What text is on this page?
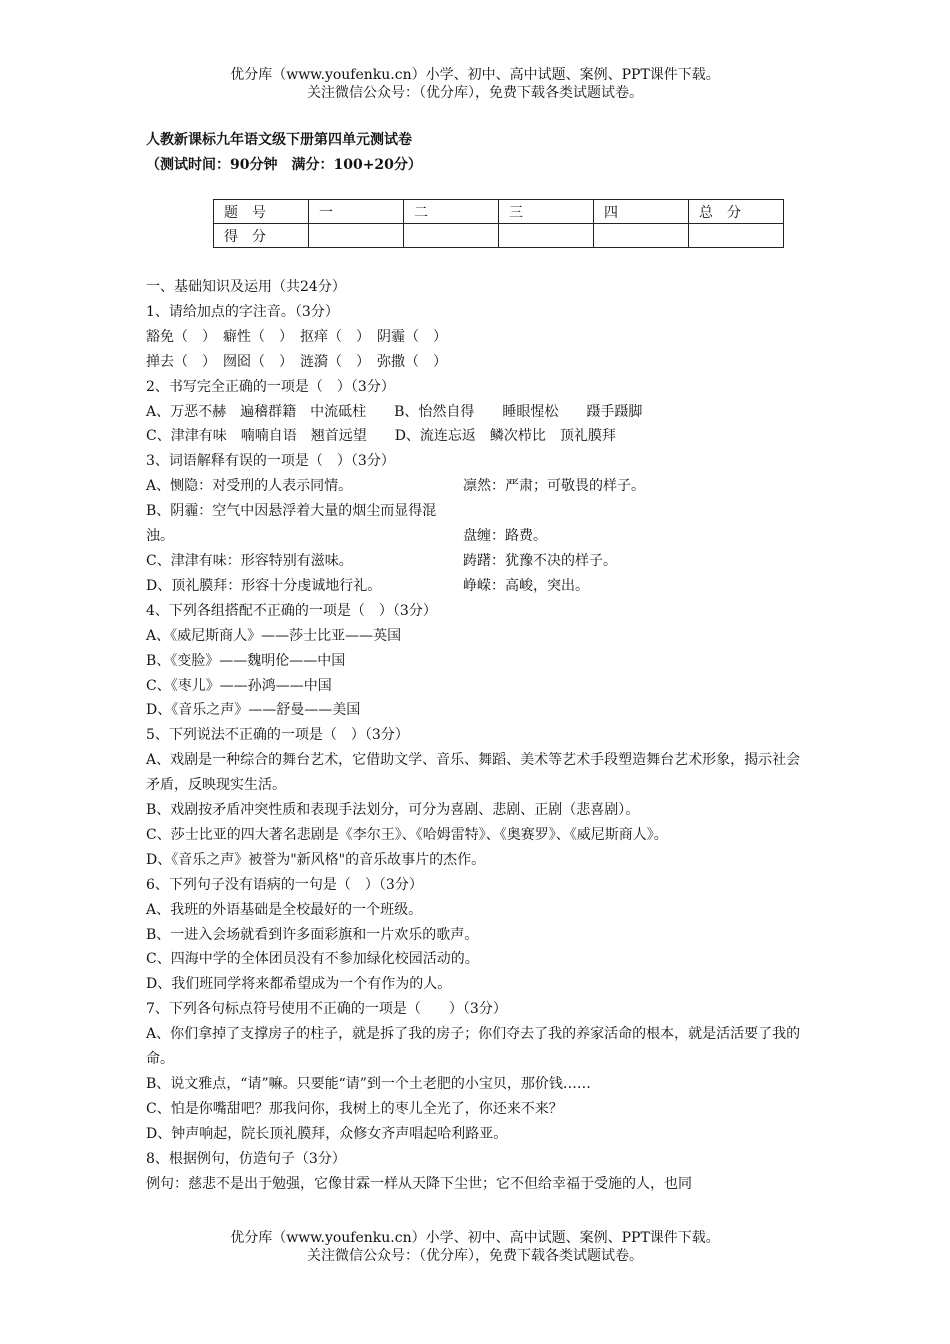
优分库（www.youfenku.cn）小学、初中、高中试题、案例、PPT课件下载。
关注微信公众号：（优分库），免费下载各类试题试卷。
人教新课标九年语文级下册第四单元测试卷
（测试时间：90分钟　满分：100+20分）
题　号	一	二	三	四	总　分
得　分					

一、基础知识及运用（共24分）

1、请给加点的字注音。（3分）

豁免（　）　癖性（　）　抠痒（　）　阴霾（　）

掸去（　）　囫囵（　）　涟漪（　）　弥撒（　）

2、书写完全正确的一项是（　）（3分）

A、万恶不赫　遍稽群籍　中流砥柱　　B、怡然自得　　睡眼惺松　　蹑手蹑脚

C、津津有味　喃喃自语　翘首远望　　D、流连忘返　鳞次栉比　顶礼膜拜

3、词语解释有误的一项是（　）（3分）

A、恻隐：对受刑的人表示同情。	凛然：严肃；可敬畏的样子。

B、阴霾：空气中因悬浮着大量的烟尘而显得混浊。	盘缠：路费。

C、津津有味：形容特别有滋味。	踌躇：犹豫不决的样子。

D、顶礼膜拜：形容十分虔诚地行礼。	峥嵘：高峻，突出。

4、下列各组搭配不正确的一项是（　）（3分）

A、《威尼斯商人》——莎士比亚——英国

B、《变脸》——魏明伦——中国

C、《枣儿》——孙鸿——中国

D、《音乐之声》——舒曼——美国

5、下列说法不正确的一项是（　）（3分）

A、戏剧是一种综合的舞台艺术，它借助文学、音乐、舞蹈、美术等艺术手段塑造舞台艺术形象，揭示社会矛盾，反映现实生活。

B、戏剧按矛盾冲突性质和表现手法划分，可分为喜剧、悲剧、正剧（悲喜剧）。

C、莎士比亚的四大著名悲剧是《李尔王》、《哈姆雷特》、《奥赛罗》、《威尼斯商人》。

D、《音乐之声》被誉为"新风格"的音乐故事片的杰作。

6、下列句子没有语病的一句是（　）（3分）

A、我班的外语基础是全校最好的一个班级。

B、一进入会场就看到许多面彩旗和一片欢乐的歌声。

C、四海中学的全体团员没有不参加绿化校园活动的。

D、我们班同学将来都希望成为一个有作为的人。

7、下列各句标点符号使用不正确的一项是（　　）（3分）

A、你们拿掉了支撑房子的柱子，就是拆了我的房子；你们夺去了我的养家活命的根本，就是活活要了我的命。

B、说文雅点，“请”嘛。只要能“请”到一个土老肥的小宝贝，那价钱……

C、怕是你嘴甜吧？那我问你，我树上的枣儿全光了，你还来不来？

D、钟声响起，院长顶礼膜拜，众修女齐声唱起哈利路亚。

8、根据例句，仿造句子（3分）

例句：慈悲不是出于勉强，它像甘霖一样从天降下尘世；它不但给幸福于受施的人，也同

优分库（www.youfenku.cn）小学、初中、高中试题、案例、PPT课件下载。
关注微信公众号：（优分库），免费下载各类试题试卷。
